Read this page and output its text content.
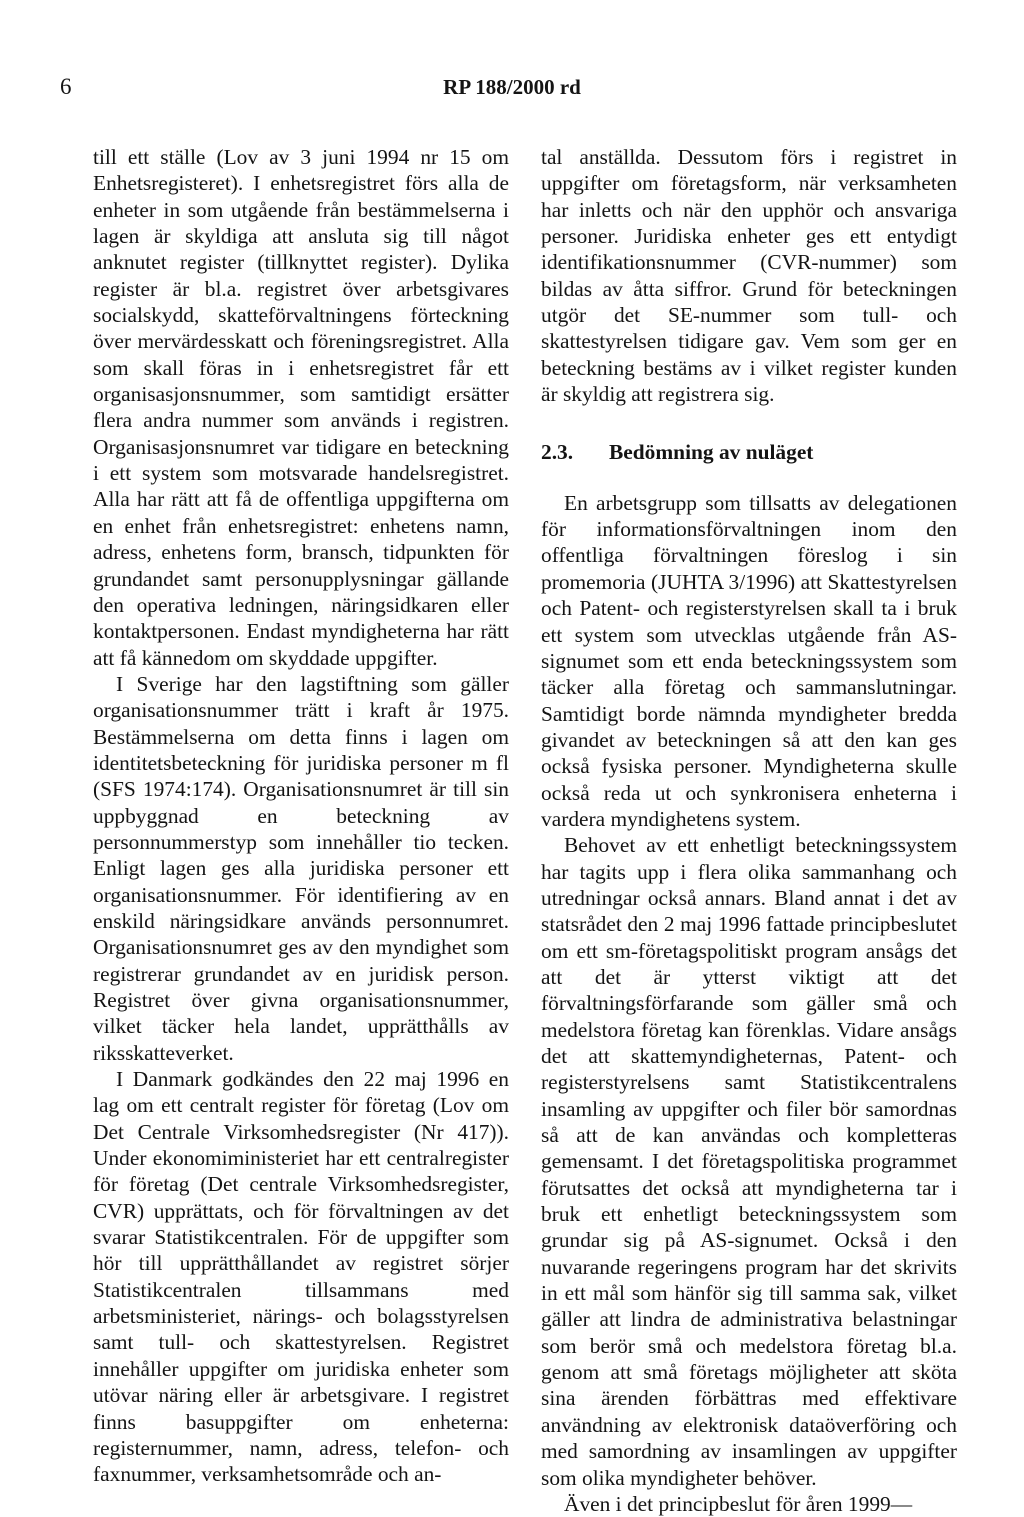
6	RP 188/2000 rd

till ett ställe (Lov av 3 juni 1994 nr 15 om Enhetsregisteret). I enhetsregistret förs alla de enheter in som utgående från bestämmelserna i lagen är skyldiga att ansluta sig till något anknutet register (tillknyttet register). Dylika register är bl.a. registret över arbetsgivares socialskydd, skatteförvaltningens förteckning över mervärdesskatt och föreningsregistret. Alla som skall föras in i enhetsregistret får ett organisasjonsnummer, som samtidigt ersätter flera andra nummer som används i registren. Organisasjonsnumret var tidigare en beteckning i ett system som motsvarade handelsregistret. Alla har rätt att få de offentliga uppgifterna om en enhet från enhetsregistret: enhetens namn, adress, enhetens form, bransch, tidpunkten för grundandet samt personupplysningar gällande den operativa ledningen, näringsidkaren eller kontaktpersonen. Endast myndigheterna har rätt att få kännedom om skyddade uppgifter.

I Sverige har den lagstiftning som gäller organisationsnummer trätt i kraft år 1975. Bestämmelserna om detta finns i lagen om identitetsbeteckning för juridiska personer m fl (SFS 1974:174). Organisationsnumret är till sin uppbyggnad en beteckning av personnummerstyp som innehåller tio tecken. Enligt lagen ges alla juridiska personer ett organisationsnummer. För identifiering av en enskild näringsidkare används personnumret. Organisationsnumret ges av den myndighet som registrerar grundandet av en juridisk person. Registret över givna organisationsnummer, vilket täcker hela landet, upprätthålls av riksskatteverket.

I Danmark godkändes den 22 maj 1996 en lag om ett centralt register för företag (Lov om Det Centrale Virksomhedsregister (Nr 417)). Under ekonomiministeriet har ett centralregister för företag (Det centrale Virksomhedsregister, CVR) upprättats, och för förvaltningen av det svarar Statistikcentralen. För de uppgifter som hör till upprätthållandet av registret sörjer Statistikcentralen tillsammans med arbetsministeriet, närings- och bolagsstyrelsen samt tull- och skattestyrelsen. Registret innehåller uppgifter om juridiska enheter som utövar näring eller är arbetsgivare. I registret finns basuppgifter om enheterna: registernummer, namn, adress, telefon- och faxnummer, verksamhetsområde och an-

tal anställda. Dessutom förs i registret in uppgifter om företagsform, när verksamheten har inletts och när den upphör och ansvariga personer. Juridiska enheter ges ett entydigt identifikationsnummer (CVR-nummer) som bildas av åtta siffror. Grund för beteckningen utgör det SE-nummer som tull- och skattestyrelsen tidigare gav. Vem som ger en beteckning bestäms av i vilket register kunden är skyldig att registrera sig.

2.3.	Bedömning av nuläget

En arbetsgrupp som tillsatts av delegationen för informationsförvaltningen inom den offentliga förvaltningen föreslog i sin promemoria (JUHTA 3/1996) att Skattestyrelsen och Patent- och registerstyrelsen skall ta i bruk ett system som utvecklas utgående från AS-signumet som ett enda beteckningssystem som täcker alla företag och sammanslutningar. Samtidigt borde nämnda myndigheter bredda givandet av beteckningen så att den kan ges också fysiska personer. Myndigheterna skulle också reda ut och synkronisera enheterna i vardera myndighetens system.

Behovet av ett enhetligt beteckningssystem har tagits upp i flera olika sammanhang och utredningar också annars. Bland annat i det av statsrådet den 2 maj 1996 fattade principbeslutet om ett sm-företagspolitiskt program ansågs det att det är ytterst viktigt att det förvaltningsförfarande som gäller små och medelstora företag kan förenklas. Vidare ansågs det att skattemyndigheternas, Patent- och registerstyrelsens samt Statistikcentralens insamling av uppgifter och filer bör samordnas så att de kan användas och kompletteras gemensamt. I det företagspolitiska programmet förutsattes det också att myndigheterna tar i bruk ett enhetligt beteckningssystem som grundar sig på AS-signumet. Också i den nuvarande regeringens program har det skrivits in ett mål som hänför sig till samma sak, vilket gäller att lindra de administrativa belastningar som berör små och medelstora företag bl.a. genom att små företags möjligheter att sköta sina ärenden förbättras med effektivare användning av elektronisk dataöverföring och med samordning av insamlingen av uppgifter som olika myndigheter behöver.

Även i det principbeslut för åren 1999—
